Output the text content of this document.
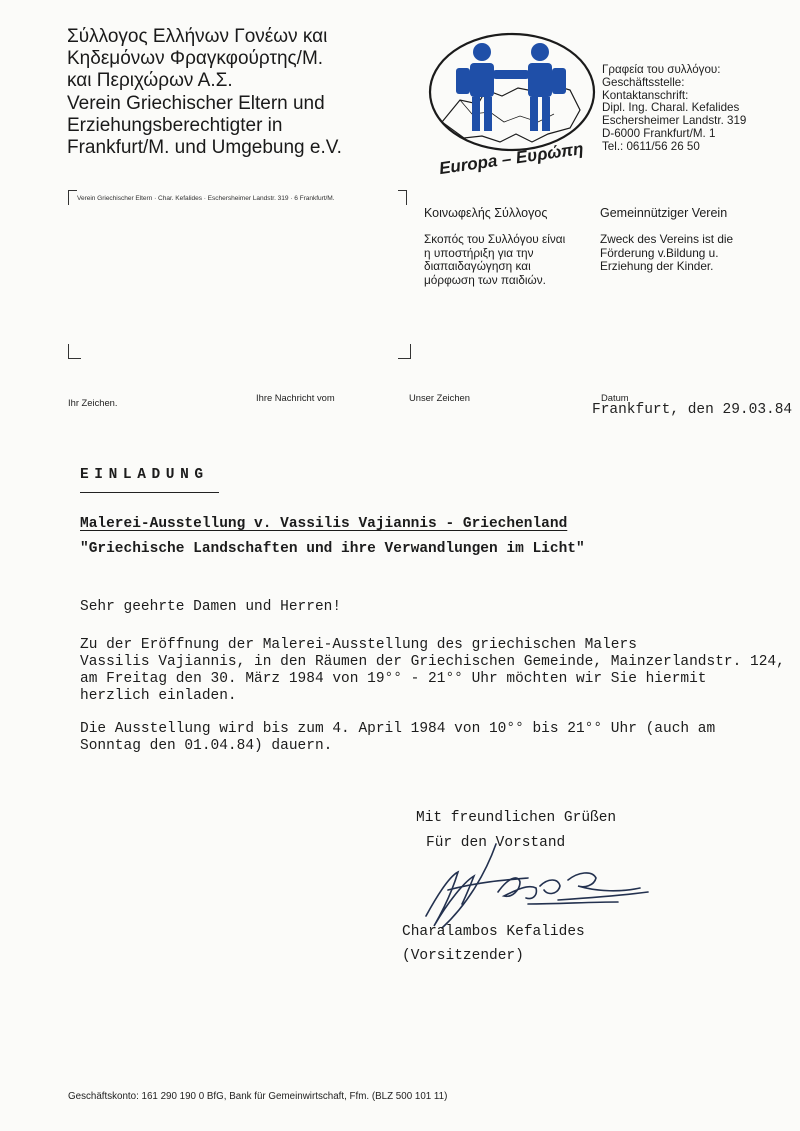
Σύλλογος Ελλήνων Γονέων και
Κηδεμόνων Φραγκφούρτης/Μ.
και Περιχώρων Α.Σ.
Verein Griechischer Eltern und
Erziehungsberechtigter in
Frankfurt/M. und Umgebung e.V.	Europa – Ευρώπη
Γραφεία του συλλόγου:
Geschäftsstelle:
Kontaktanschrift:
Dipl. Ing. Charal. Kefalides
Eschersheimer Landstr. 319
D-6000 Frankfurt/M. 1
Tel.: 0611/56 26 50
Verein Griechischer Eltern · Char. Kefalides · Eschersheimer Landstr. 319 · 6 Frankfurt/M.
Κοινωφελής Σύλλογος	Gemeinnütziger Verein
Σκοπός του Συλλόγου είναι
η υποστήριξη για την
διαπαιδαγώγηση και
μόρφωση των παιδιών.
Zweck des Vereins ist die
Förderung v.Bildung u.
Erziehung der Kinder.
Ihr Zeichen.	Ihre Nachricht vom	Unser Zeichen	Datum
Frankfurt, den 29.03.84
EINLADUNG
Malerei-Ausstellung v. Vassilis Vajiannis - Griechenland
"Griechische Landschaften und ihre Verwandlungen im Licht"
Sehr geehrte Damen und Herren!
Zu der Eröffnung der Malerei-Ausstellung des griechischen Malers
Vassilis Vajiannis, in den Räumen der Griechischen Gemeinde, Mainzerlandstr. 124,
am Freitag den 30. März 1984 von 19°° - 21°° Uhr möchten wir Sie hiermit
herzlich einladen.
Die Ausstellung wird bis zum 4. April 1984 von 10°° bis 21°° Uhr (auch am
Sonntag den 01.04.84) dauern.
Mit freundlichen Grüßen
Für den Vorstand
Charalambos Kefalides
(Vorsitzender)
Geschäftskonto: 161 290 190 0 BfG, Bank für Gemeinwirtschaft, Ffm. (BLZ 500 101 11)
